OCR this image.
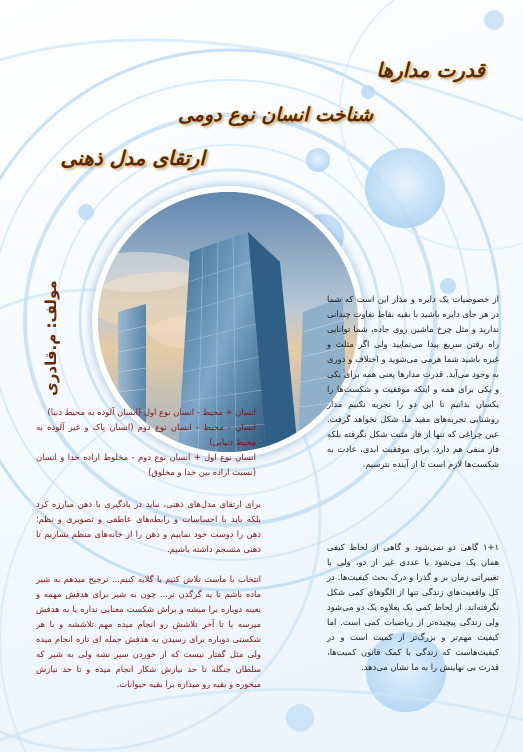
قدرت مدارها
شناخت انسان نوع دومی
ارتقای مدل ذهنی
مولف: م.قادری	از خصوصیات یک دایره و مدار این است که شما در هر جای دایره باشید با بقیه نقاط تفاوت چندانی ندارید و مثل چرخ ماشین روی جاده، شما توانایی راه رفتن سریع پیدا می‌نمایید ولی اگر مثلث و غیره باشید شما هرمی می‌شوید و اختلاف و دوری به وجود می‌آید. قدرت مدارها یعنی همه برای یکی و یکی برای همه و اینکه موفقیت و شکست‌ها را یکسان بدانیم تا این دو را تجربه نکنیم مدار روشنایی تجربه‌های مفید ما، شکل نخواهد گرفت. عین چراغی که تنها از فاز مثبت شکل نگرفته بلکه فاز منفی هم دارد. برای موفقیت ابدی، عادت به شکست‌ها لازم است تا از آینده نترسیم.

۱+۱ گاهی دو نمی‌شود و گاهی از لحاظ کیفی همان یک می‌شود یا عددی غیر از دو، ولی با تغییراتی زمان بر و گذرا و درک بحث کیفیت‌ها. در کل واقعیت‌های زندگی تنها از الگوهای کمی شکل نگرفته‌اند. از لحاظ کمی یک بعلاوه یک دو می‌شود ولی زندگی پیچیده‌تر از ریاضیات کمی است. اما کیفیت مهم‌تر و بزرگ‌تر از کمیت است و در کیفیت‌هاست که زندگی با کمک قانون کمیت‌ها، قدرت بی نهایتش را به ما نشان می‌دهد.

انسان + محیط - انسان نوع اول (انسان آلوده به محیط دنیا)

انسان - محیط - انسان نوع دوم (انسان پاک و غیر آلوده به محیط دنیایی)

انسان نوع اول + انسان نوع دوم - مخلوط اراده خدا و انسان (نسبت اراده بین خدا و مخلوق)

برای ارتقای مدل‌های ذهنی، نباید در یادگیری با ذهن مبارزه کرد بلکه باید با احساسات و رابطه‌های عاطفی و تصویری و نظم؛ ذهن را دوست خود نماییم و ذهن را از خانه‌های منظم بسازیم تا ذهنی منسجم داشته باشیم.

انتخاب با ماست تلاش کنیم یا گلایه کنیم... ترجیح میدهم به شیر ماده باشم تا یه گرگدن نر... چون به شیر برای هدفش مهمه و بعینه دوباره برا میشه و براش شکست معنایی نداره یا به هدفش میرسه یا تا آخر تلاشش رو انجام میده مهم تلاششه و با هر شکستی دوباره برای رسیدن به هدفش حمله ای تازه انجام میده ولی مثل گفتار نیست که از خوردن سیر نشه ولی به شیر که سلطان جنگله تا حد نیازش شکار انجام میده و تا حد نیازش میخوره و بقیه رو میذاره برا بقیه حیوانات.
